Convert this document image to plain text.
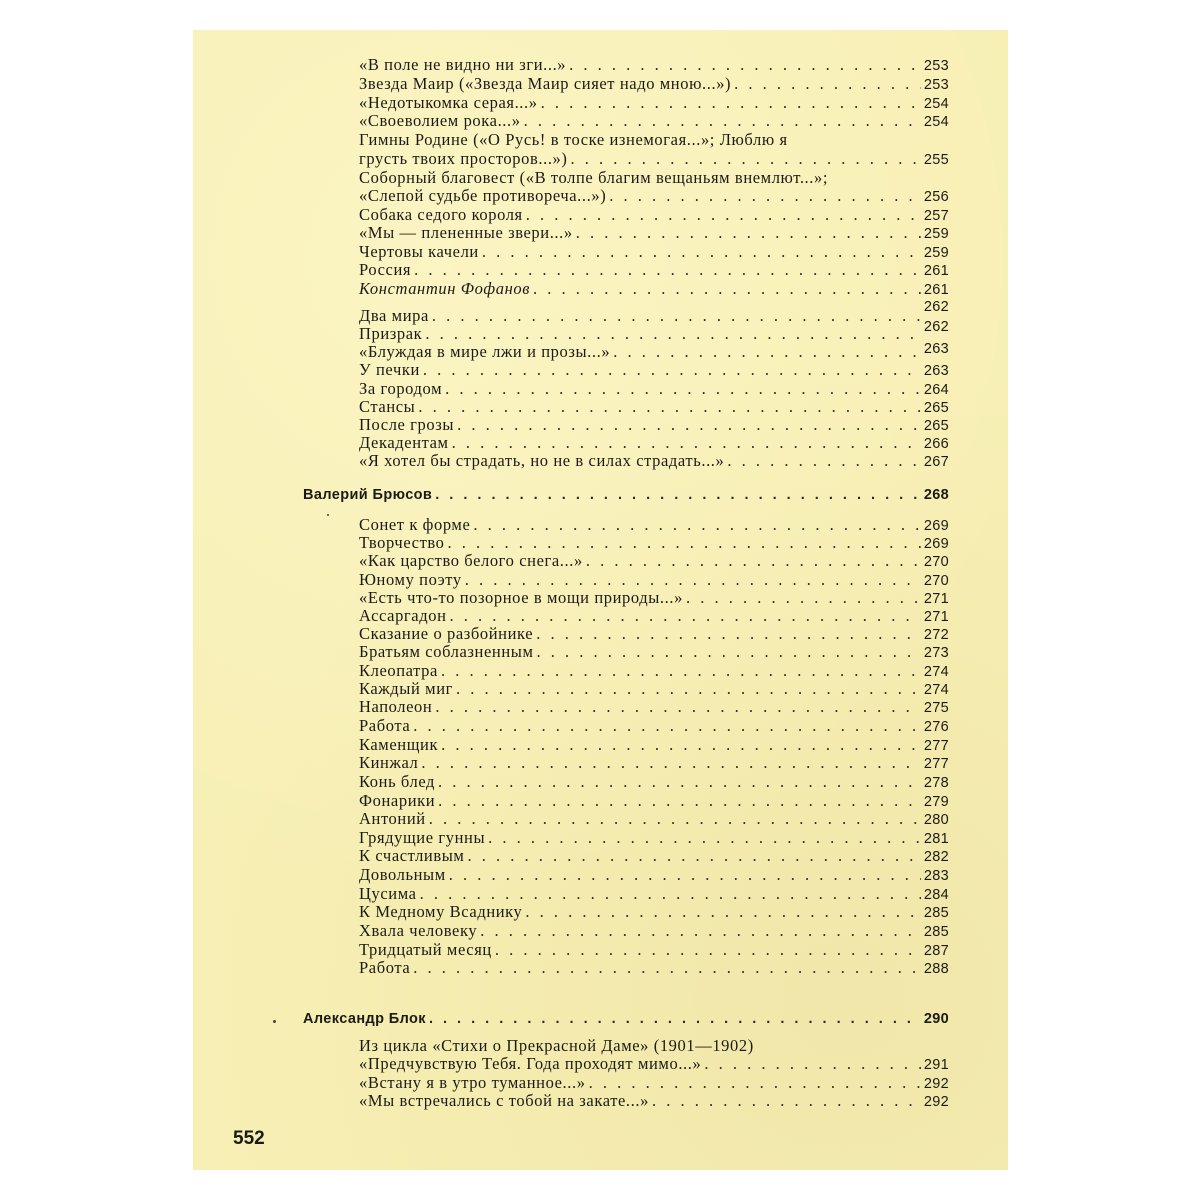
«В поле не видно ни зги...» . . .	253
Звезда Маир («Звезда Маир сияет надо мною...») . . .	253
«Недотыкомка серая...» . . .	254
«Своеволием рока...» . . .	254
Гимны Родине («О Русь! в тоске изнемогая...»; Люблю я
грусть твоих просторов...») . . .	255
Соборный благовест («В толпе благим вещаньям внемлют...»;
«Слепой судьбе противореча...») . . .	256
Собака седого короля . . .	257
«Мы — плененные звери...» . . .	259
Чертовы качели . . .	259
Россия . . .	261
Константин Фофанов . . .	261
Два мира . . .	262
Призрак . . .	262
«Блуждая в мире лжи и прозы...» . . .	263
У печки . . .	263
За городом . . .	264
Стансы . . .	265
После грозы . . .	265
Декадентам . . .	266
«Я хотел бы страдать, но не в силах страдать...» . . .	267
Валерий Брюсов . . .	268
Сонет к форме . . .	269
Творчество . . .	269
«Как царство белого снега...» . . .	270
Юному поэту . . .	270
«Есть что-то позорное в мощи природы...» . . .	271
Ассаргадон . . .	271
Сказание о разбойнике . . .	272
Братьям соблазненным . . .	273
Клеопатра . . .	274
Каждый миг . . .	274
Наполеон . . .	275
Работа . . .	276
Каменщик . . .	277
Кинжал . . .	277
Конь блед . . .	278
Фонарики . . .	279
Антоний . . .	280
Грядущие гунны . . .	281
К счастливым . . .	282
Довольным . . .	283
Цусима . . .	284
К Медному Всаднику . . .	285
Хвала человеку . . .	285
Тридцатый месяц . . .	287
Работа . . .	288
Александр Блок . . .	290
Из цикла «Стихи о Прекрасной Даме» (1901—1902)
«Предчувствую Тебя. Года проходят мимо...» . . .	291
«Встану я в утро туманное...» . . .	292
«Мы встречались с тобой на закате...» . . .	292
552
